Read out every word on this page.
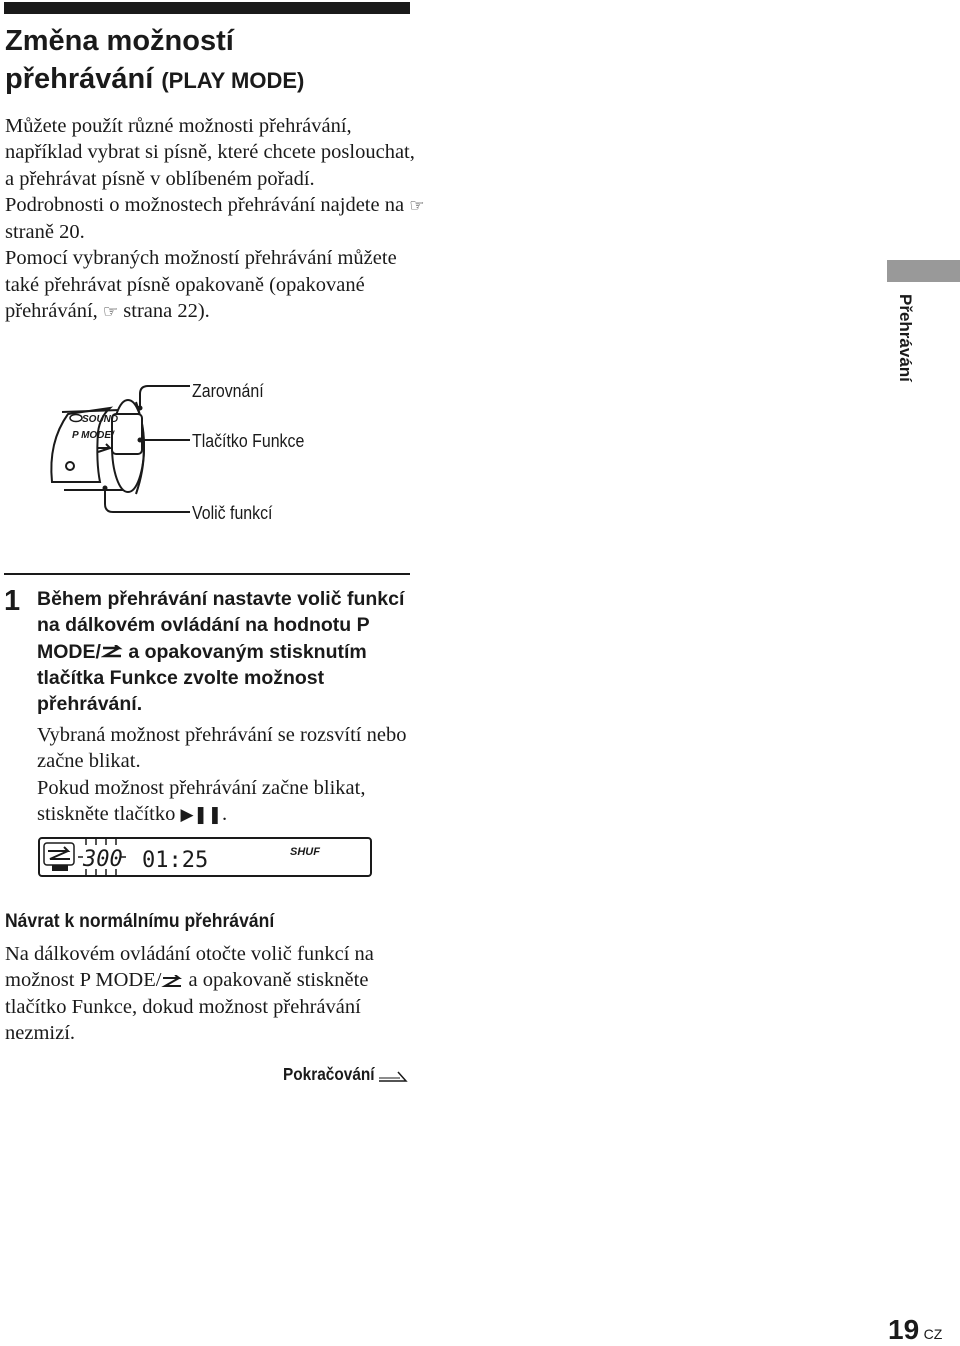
Změna možností
přehrávání (PLAY MODE)

Můžete použít různé možnosti přehrávání, například vybrat si písně, které chcete poslouchat, a přehrávat písně v oblíbeném pořadí.

Podrobnosti o možnostech přehrávání najdete na ☞ straně 20.

Pomocí vybraných možností přehrávání můžete také přehrávat písně opakovaně (opakované přehrávání, ☞ strana 22).	Přehrávání
SOUND
P MODE/
Zarovnání
Tlačítko Funkce
Volič funkcí
1 Během přehrávání nastavte volič funkcí na dálkovém ovládání na hodnotu P MODE/ a opakovaným stisknutím tlačítka Funkce zvolte možnost přehrávání.

Vybraná možnost přehrávání se rozsvítí nebo začne blikat.

Pokud možnost přehrávání začne blikat, stiskněte tlačítko ▶❚❚.

300 01:25	SHUF
Návrat k normálnímu přehrávání

Na dálkovém ovládání otočte volič funkcí na možnost P MODE/ a opakovaně stiskněte tlačítko Funkce, dokud možnost přehrávání nezmizí.

Pokračování
19 CZ
